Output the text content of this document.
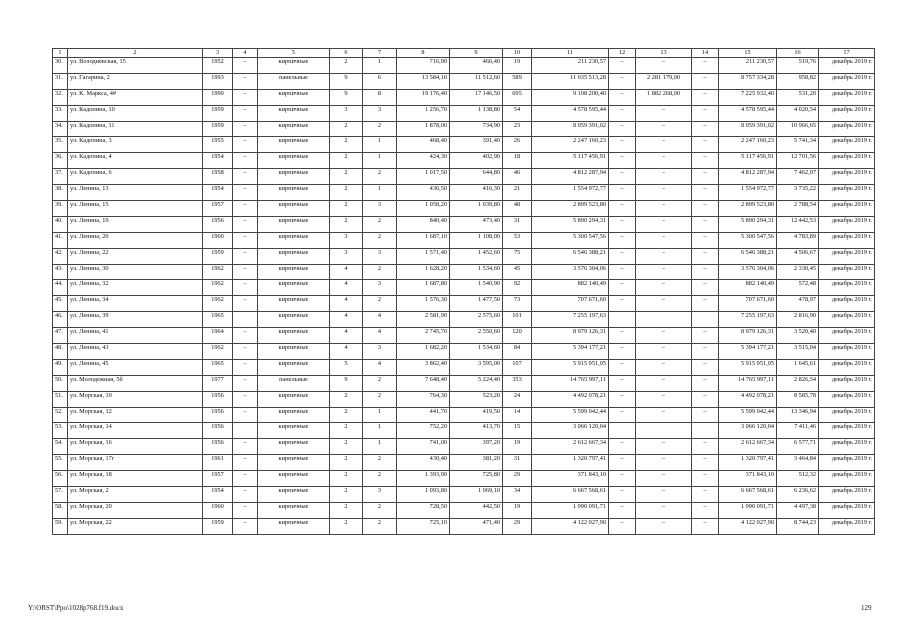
1	2	3	4	5	6	7	8	9	10	11	12	13	14	15	16	17
30.	ул. Володиевская, 15	1952	–	кирпичные	2	1	716,90	466,40	19	211 230,57	–	–	–	211 230,57	519,76	декабрь 2019 г.
31.	ул. Гагарина, 2	1993	–	панельные	9	6	13 584,10	11 512,60	589	11 035 513,28	–	2 281 179,00	–	8 757 334,28	958,82	декабрь 2019 г.
32.	ул. К. Маркса, 4#	1990	–	кирпичные	9	8	19 176,40	17 146,50	695	9 108 200,40	–	1 882 268,00	–	7 225 932,40	531,20	декабрь 2019 г.
33.	ул. Кадопина, 10	1959	–	кирпичные	3	3	1 256,70	1 138,80	54	4 578 595,44	–	–	–	4 578 595,44	4 020,54	декабрь 2019 г.
34.	ул. Кадопина, 11	1959	–	кирпичные	2	2	1 878,00	734,90	23	8 059 391,02	–	–	–	8 059 391,02	10 966,65	декабрь 2019 г.
35.	ул. Кадопина, 3	1955	–	кирпичные	2	1	468,40	391,40	26	2 247 160,23	–	–	–	2 247 160,23	5 741,34	декабрь 2019 г.
36.	ул. Кадопина, 4	1954	–	кирпичные	2	1	424,30	402,90	18	5 117 456,91	–	–	–	5 117 456,91	12 701,56	декабрь 2019 г.
37.	ул. Кадопина, 6	1958	–	кирпичные	2	2	1 017,50	644,80	46	4 812 287,94	–	–	–	4 812 287,94	7 462,07	декабрь 2019 г.
38.	ул. Ленина, 13	1954	–	кирпичные	2	1	436,50	416,30	21	1 554 972,77	–	–	–	1 554 972,77	3 735,22	декабрь 2019 г.
39.	ул. Ленина, 15	1957	–	кирпичные	2	3	1 058,20	1 039,80	48	2 899 523,80	–	–	–	2 899 523,80	2 788,54	декабрь 2019 г.
40.	ул. Ленина, 19	1956	–	кирпичные	2	2	840,40	473,40	31	5 890 294,31	–	–	–	5 890 294,31	12 442,53	декабрь 2019 г.
41.	ул. Ленина, 20	1960	–	кирпичные	3	2	1 687,10	1 108,00	53	5 300 547,56	–	–	–	5 300 547,56	4 783,89	декабрь 2019 г.
42.	ул. Ленина, 22	1959	–	кирпичные	3	3	1 571,40	1 452,60	75	6 546 388,21	–	–	–	6 546 388,21	4 506,67	декабрь 2019 г.
43.	ул. Ленина, 30	1962	–	кирпичные	4	2	1 628,20	1 534,60	45	3 576 304,06	–	–	–	3 576 304,06	2 330,45	декабрь 2019 г.
44.	ул. Ленина, 32	1962	–	кирпичные	4	3	1 687,80	1 540,90	92	882 140,49	–	–	–	882 140,49	572,48	декабрь 2019 г.
45.	ул. Ленина, 34	1962	–	кирпичные	4	2	1 576,30	1 477,50	73	707 671,60	–	–	–	707 671,60	478,97	декабрь 2019 г.
46.	ул. Ленина, 39	1965		кирпичные	4	4	2 581,90	2 575,60	101	7 255 197,63				7 255 197,63	2 816,90	декабрь 2019 г.
47.	ул. Ленина, 41	1964	–	кирпичные	4	4	2 745,70	2 550,60	120	8 979 126,31	–	–	–	8 979 126,31	3 520,40	декабрь 2019 г.
48.	ул. Ленина, 43	1962	–	кирпичные	4	3	1 682,20	1 534,60	84	5 394 177,21	–	–	–	5 394 177,21	3 515,04	декабрь 2019 г.
49.	ул. Ленина, 45	1965	–	кирпичные	5	4	3 862,40	3 595,00	107	5 915 951,05	–	–	–	5 915 951,05	1 645,61	декабрь 2019 г.
50.	ул. Молодежная, 5б	1977	–	панельные	9	2	7 648,40	5 224,40	353	14 765 997,11	–	–	–	14 765 997,11	2 826,54	декабрь 2019 г.
51.	ул. Морская, 10	1956	–	кирпичные	2	2	764,30	523,20	24	4 492 078,21	–	–	–	4 492 078,21	8 585,78	декабрь 2019 г.
52.	ул. Морская, 12	1956	–	кирпичные	2	1	441,70	419,50	14	5 599 042,44	–	–	–	5 599 042,44	13 346,94	декабрь 2019 г.
53.	ул. Морская, 14	1956		кирпичные	2	1	752,20	413,70	15	3 066 120,04				3 066 120,04	7 411,46	декабрь 2019 г.
54.	ул. Морская, 16	1956	–	кирпичные	2	1	741,00	397,20	19	2 612 667,34	–	–	–	2 612 667,34	6 577,71	декабрь 2019 г.
55.	ул. Морская, 17г	1961	–	кирпичные	2	2	430,40	381,20	31	1 320 797,41	–	–	–	1 320 797,41	3 464,84	декабрь 2019 г.
56.	ул. Морская, 18	1957	–	кирпичные	2	2	1 393,90	725,80	29	371 843,10	–	–	–	371 843,10	512,32	декабрь 2019 г.
57.	ул. Морская, 2	1954	–	кирпичные	2	3	1 093,80	1 069,10	34	6 667 568,61	–	–	–	6 667 568,61	6 236,62	декабрь 2019 г.
58.	ул. Морская, 20	1960	–	кирпичные	2	2	728,50	442,50	19	1 990 091,71	–	–	–	1 990 091,71	4 497,38	декабрь 2019 г.
59.	ул. Морская, 22	1959	–	кирпичные	2	2	725,10	471,40	29	4 122 027,90	–	–	–	4 122 027,90	8 744,23	декабрь 2019 г.
Y:\ORST\Ppo\1028p768.f19.docx	129
